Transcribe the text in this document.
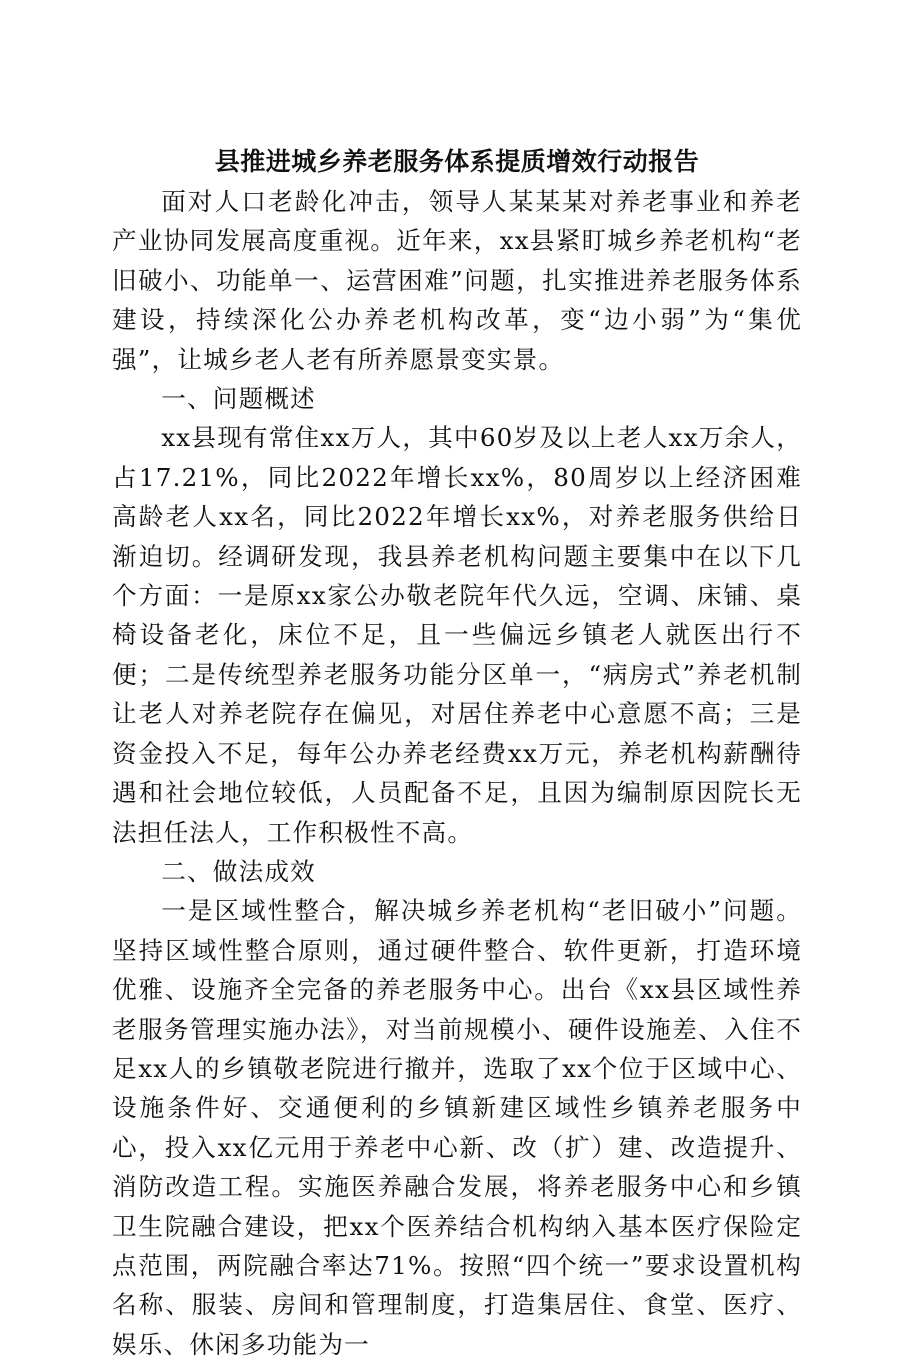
县推进城乡养老服务体系提质增效行动报告

面对人口老龄化冲击，领导人某某某对养老事业和养老产业协同发展高度重视。近年来，xx县紧盯城乡养老机构“老旧破小、功能单一、运营困难”问题，扎实推进养老服务体系建设，持续深化公办养老机构改革，变“边小弱”为“集优强”，让城乡老人老有所养愿景变实景。

一、问题概述

xx县现有常住xx万人，其中60岁及以上老人xx万余人，占17.21%，同比2022年增长xx%，80周岁以上经济困难高龄老人xx名，同比2022年增长xx%，对养老服务供给日渐迫切。经调研发现，我县养老机构问题主要集中在以下几个方面：一是原xx家公办敬老院年代久远，空调、床铺、桌椅设备老化，床位不足，且一些偏远乡镇老人就医出行不便；二是传统型养老服务功能分区单一，“病房式”养老机制让老人对养老院存在偏见，对居住养老中心意愿不高；三是资金投入不足，每年公办养老经费xx万元，养老机构薪酬待遇和社会地位较低，人员配备不足，且因为编制原因院长无法担任法人，工作积极性不高。

二、做法成效

一是区域性整合，解决城乡养老机构“老旧破小”问题。坚持区域性整合原则，通过硬件整合、软件更新，打造环境优雅、设施齐全完备的养老服务中心。出台《xx县区域性养老服务管理实施办法》，对当前规模小、硬件设施差、入住不足xx人的乡镇敬老院进行撤并，选取了xx个位于区域中心、设施条件好、交通便利的乡镇新建区域性乡镇养老服务中心，投入xx亿元用于养老中心新、改（扩）建、改造提升、消防改造工程。实施医养融合发展，将养老服务中心和乡镇卫生院融合建设，把xx个医养结合机构纳入基本医疗保险定点范围，两院融合率达71%。按照“四个统一”要求设置机构名称、服装、房间和管理制度，打造集居住、食堂、医疗、娱乐、休闲多功能为一
